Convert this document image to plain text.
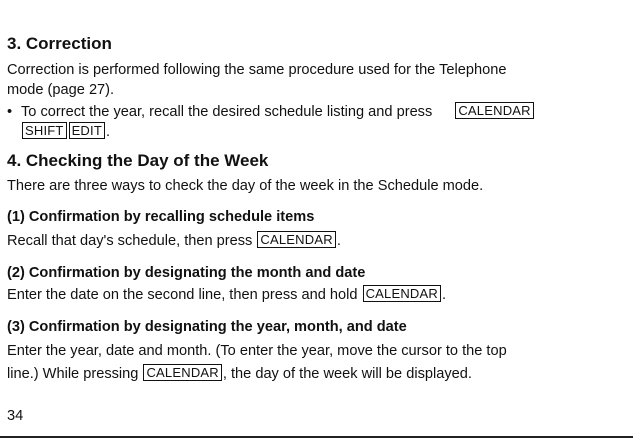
3. Correction
Correction is performed following the same procedure used for the Telephone
mode (page 27).
• To correct the year, recall the desired schedule listing and press CALENDAR
SHIFT EDIT .
4. Checking the Day of the Week
There are three ways to check the day of the week in the Schedule mode.
(1) Confirmation by recalling schedule items
Recall that day's schedule, then press CALENDAR .
(2) Confirmation by designating the month and date
Enter the date on the second line, then press and hold CALENDAR .
(3) Confirmation by designating the year, month, and date
Enter the year, date and month. (To enter the year, move the cursor to the top
line.) While pressing CALENDAR , the day of the week will be displayed.
34
